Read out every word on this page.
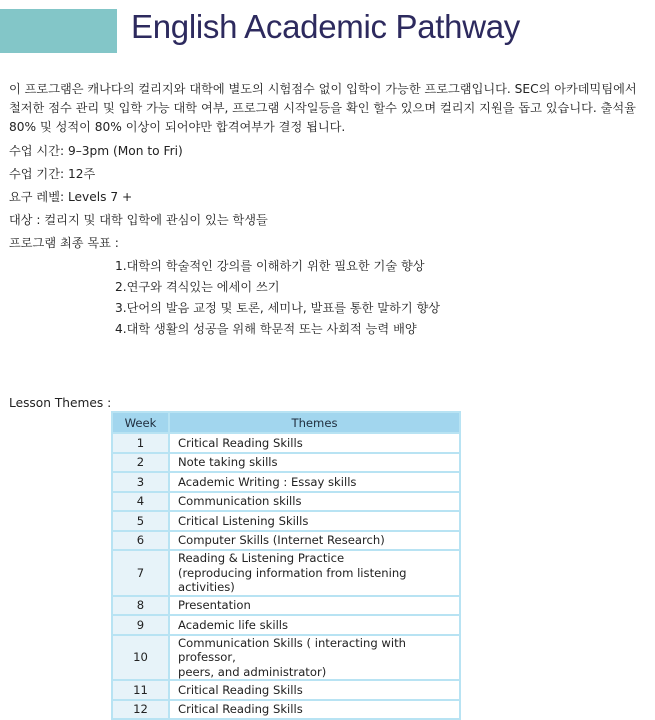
English Academic Pathway

이 프로그램은 캐나다의 컬리지와 대학에 별도의 시험점수 없이 입학이 가능한 프로그램입니다. SEC의 아카데믹팀에서 철저한 점수 관리 및 입학 가능 대학 여부, 프로그램 시작일등을 확인 할수 있으며 컬리지 지원을 돕고 있습니다. 출석율 80% 및 성적이 80% 이상이 되어야만 합격여부가 결정 됩니다.

수업 시간: 9–3pm (Mon to Fri)

수업 기간: 12주

요구 레벨: Levels 7 +

대상 : 컬리지 및 대학 입학에 관심이 있는 학생들

프로그램 최종 목표 :

1.대학의 학술적인 강의를 이해하기 위한 필요한 기술 향상
2.연구와 격식있는 에세이 쓰기
3.단어의 발음 교정 및 토론, 세미나, 발표를 통한 말하기 향상
4.대학 생활의 성공을 위해 학문적 또는 사회적 능력 배양

Lesson Themes :

Week	Themes
1	Critical Reading Skills
2	Note taking skills
3	Academic Writing : Essay skills
4	Communication skills
5	Critical Listening Skills
6	Computer Skills (Internet Research)
7	Reading & Listening Practice
(reproducing information from listening activities)

8	Presentation
9	Academic life skills
10	Communication Skills ( interacting with professor,
peers, and administrator)

11	Critical Reading Skills
12	Critical Reading Skills
